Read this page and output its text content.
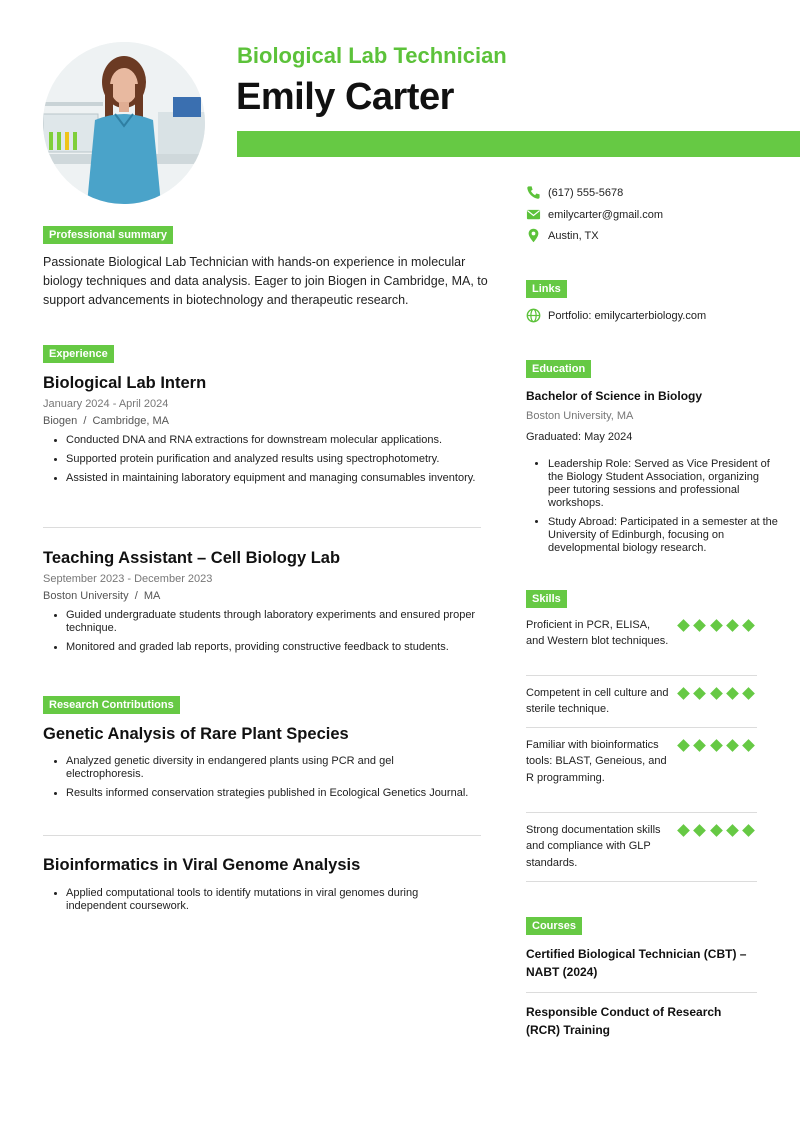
Biological Lab Technician
Emily Carter
Professional summary
Passionate Biological Lab Technician with hands-on experience in molecular biology techniques and data analysis. Eager to join Biogen in Cambridge, MA, to support advancements in biotechnology and therapeutic research.
Experience
Biological Lab Intern
January 2024 - April 2024
Biogen  /  Cambridge, MA
• Conducted DNA and RNA extractions for downstream molecular applications.
• Supported protein purification and analyzed results using spectrophotometry.
• Assisted in maintaining laboratory equipment and managing consumables inventory.
Teaching Assistant – Cell Biology Lab
September 2023 - December 2023
Boston University  /  MA
• Guided undergraduate students through laboratory experiments and ensured proper technique.
• Monitored and graded lab reports, providing constructive feedback to students.
Research Contributions
Genetic Analysis of Rare Plant Species
• Analyzed genetic diversity in endangered plants using PCR and gel electrophoresis.
• Results informed conservation strategies published in Ecological Genetics Journal.
Bioinformatics in Viral Genome Analysis
• Applied computational tools to identify mutations in viral genomes during independent coursework.
(617) 555-5678
emilycarter@gmail.com
Austin, TX
Links
Portfolio: emilycarterbiology.com
Education
Bachelor of Science in Biology
Boston University, MA
Graduated: May 2024
• Leadership Role: Served as Vice President of the Biology Student Association, organizing peer tutoring sessions and professional workshops.
• Study Abroad: Participated in a semester at the University of Edinburgh, focusing on developmental biology research.
Skills
Proficient in PCR, ELISA, and Western blot techniques.
Competent in cell culture and sterile technique.
Familiar with bioinformatics tools: BLAST, Geneious, and R programming.
Strong documentation skills and compliance with GLP standards.
Courses
Certified Biological Technician (CBT) – NABT (2024)
Responsible Conduct of Research (RCR) Training
